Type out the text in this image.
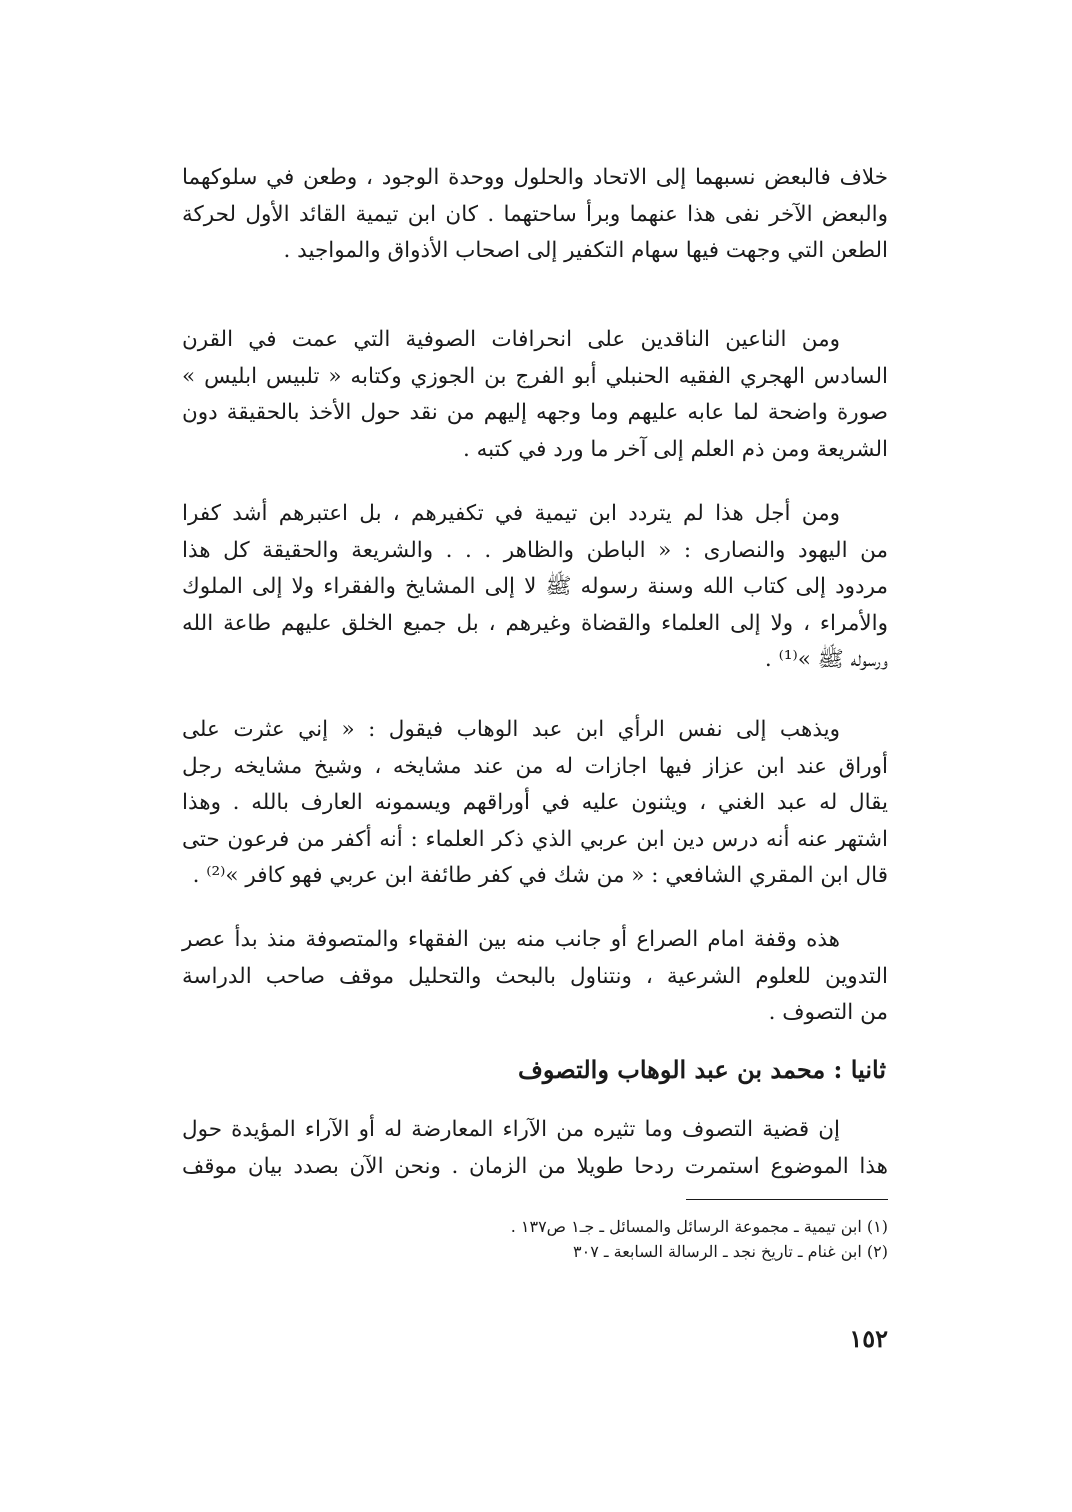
خلاف فالبعض نسبهما إلى الاتحاد والحلول ووحدة الوجود ، وطعن في سلوكهما
والبعض الآخر نفى هذا عنهما وبرأ ساحتهما . كان ابن تيمية القائد الأول لحركة
الطعن التي وجهت فيها سهام التكفير إلى اصحاب الأذواق والمواجيد .
ومن الناعين الناقدين على انحرافات الصوفية التي عمت في القرن
السادس الهجري الفقيه الحنبلي أبو الفرج بن الجوزي وكتابه « تلبيس ابليس »
صورة واضحة لما عابه عليهم وما وجهه إليهم من نقد حول الأخذ بالحقيقة دون
الشريعة ومن ذم العلم إلى آخر ما ورد في كتبه .
ومن أجل هذا لم يتردد ابن تيمية في تكفيرهم ، بل اعتبرهم أشد كفرا
من اليهود والنصارى : « الباطن والظاهر . . . والشريعة والحقيقة كل هذا
مردود إلى كتاب الله وسنة رسوله ﷺ لا إلى المشايخ والفقراء ولا إلى الملوك
والأمراء ، ولا إلى العلماء والقضاة وغيرهم ، بل جميع الخلق عليهم طاعة الله
ورسوله ﷺ »⁽¹⁾ .
ويذهب إلى نفس الرأي ابن عبد الوهاب فيقول : « إني عثرت على
أوراق عند ابن عزاز فيها اجازات له من عند مشايخه ، وشيخ مشايخه رجل
يقال له عبد الغني ، ويثنون عليه في أوراقهم ويسمونه العارف بالله . وهذا
اشتهر عنه أنه درس دين ابن عربي الذي ذكر العلماء : أنه أكفر من فرعون حتى
قال ابن المقري الشافعي : « من شك في كفر طائفة ابن عربي فهو كافر »⁽²⁾ .
هذه وقفة امام الصراع أو جانب منه بين الفقهاء والمتصوفة منذ بدأ عصر
التدوين للعلوم الشرعية ، ونتناول بالبحث والتحليل موقف صاحب الدراسة
من التصوف .
ثانيا : محمد بن عبد الوهاب والتصوف
إن قضية التصوف وما تثيره من الآراء المعارضة له أو الآراء المؤيدة حول
هذا الموضوع استمرت ردحا طويلا من الزمان . ونحن الآن بصدد بيان موقف
(١) ابن تيمية ـ مجموعة الرسائل والمسائل ـ جـ١ ص١٣٧ .
(٢) ابن غنام ـ تاريخ نجد ـ الرسالة السابعة ـ ٣٠٧
١٥٢
